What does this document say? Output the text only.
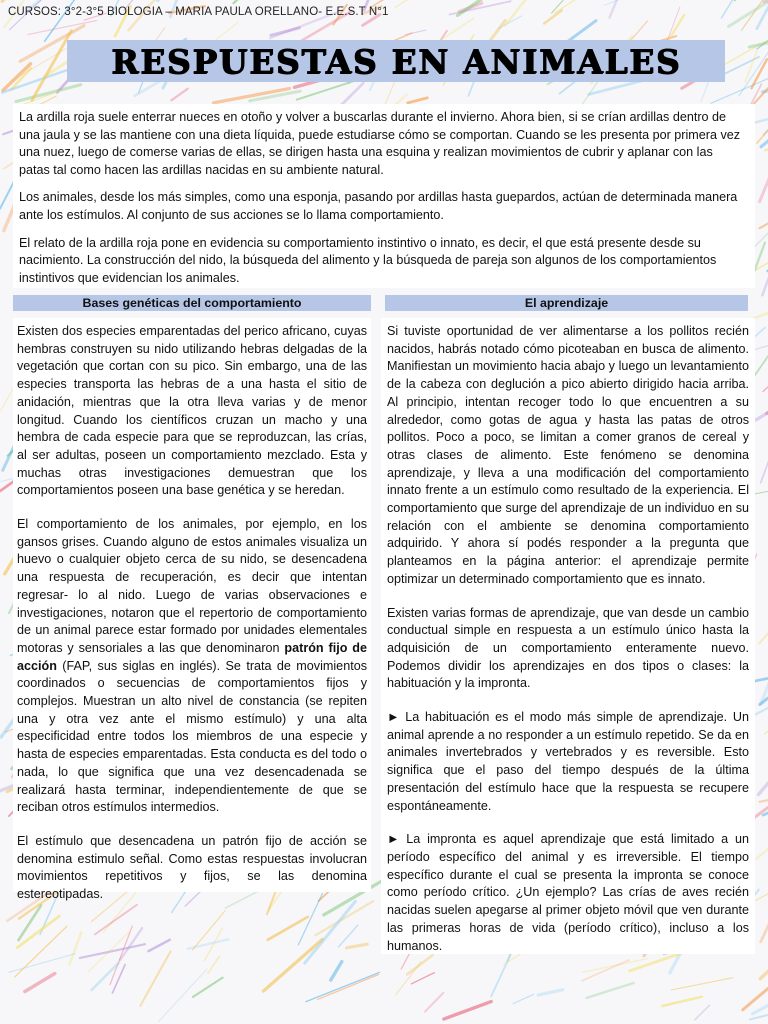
CURSOS: 3°2-3°5 BIOLOGIA – MARIA PAULA ORELLANO- E.E.S.T N°1
RESPUESTAS EN ANIMALES

La ardilla roja suele enterrar nueces en otoño y volver a buscarlas durante el invierno. Ahora bien, si se crían ardillas dentro de una jaula y se las mantiene con una dieta líquida, puede estudiarse cómo se comportan. Cuando se les presenta por primera vez una nuez, luego de comerse varias de ellas, se dirigen hasta una esquina y realizan movimientos de cubrir y aplanar con las patas tal como hacen las ardillas nacidas en su ambiente natural.

Los animales, desde los más simples, como una esponja, pasando por ardillas hasta guepardos, actúan de determinada manera ante los estímulos. Al conjunto de sus acciones se lo llama comportamiento.

El relato de la ardilla roja pone en evidencia su comportamiento instintivo o innato, es decir, el que está presente desde su nacimiento. La construcción del nido, la búsqueda del alimento y la búsqueda de pareja son algunos de los comportamientos instintivos que evidencian los animales.

Bases genéticas del comportamiento	El aprendizaje

Existen dos especies emparentadas del perico africano, cuyas hembras construyen su nido utilizando hebras delgadas de la vegetación que cortan con su pico. Sin embargo, una de las especies transporta las hebras de a una hasta el sitio de anidación, mientras que la otra lleva varias y de menor longitud. Cuando los científicos cruzan un macho y una hembra de cada especie para que se reproduzcan, las crías, al ser adultas, poseen un comportamiento mezclado. Esta y muchas otras investigaciones demuestran que los comportamientos poseen una base genética y se heredan.

El comportamiento de los animales, por ejemplo, en los gansos grises. Cuando alguno de estos animales visualiza un huevo o cualquier objeto cerca de su nido, se desencadena una respuesta de recuperación, es decir que intentan regresar- lo al nido. Luego de varias observaciones e investigaciones, notaron que el repertorio de comportamiento de un animal parece estar formado por unidades elementales motoras y sensoriales a las que denominaron patrón fijo de acción (FAP, sus siglas en inglés). Se trata de movimientos coordinados o secuencias de comportamientos fijos y complejos. Muestran un alto nivel de constancia (se repiten una y otra vez ante el mismo estímulo) y una alta especificidad entre todos los miembros de una especie y hasta de especies emparentadas. Esta conducta es del todo o nada, lo que significa que una vez desencadenada se realizará hasta terminar, independientemente de que se reciban otros estímulos intermedios.

El estímulo que desencadena un patrón fijo de acción se denomina estimulo señal. Como estas respuestas involucran movimientos repetitivos y fijos, se las denomina estereotipadas.

Si tuviste oportunidad de ver alimentarse a los pollitos recién nacidos, habrás notado cómo picoteaban en busca de alimento. Manifiestan un movimiento hacia abajo y luego un levantamiento de la cabeza con deglución a pico abierto dirigido hacia arriba. Al principio, intentan recoger todo lo que encuentren a su alrededor, como gotas de agua y hasta las patas de otros pollitos. Poco a poco, se limitan a comer granos de cereal y otras clases de alimento. Este fenómeno se denomina aprendizaje, y lleva a una modificación del comportamiento innato frente a un estímulo como resultado de la experiencia. El comportamiento que surge del aprendizaje de un individuo en su relación con el ambiente se denomina comportamiento adquirido. Y ahora sí podés responder a la pregunta que planteamos en la página anterior: el aprendizaje permite optimizar un determinado comportamiento que es innato.

Existen varias formas de aprendizaje, que van desde un cambio conductual simple en respuesta a un estímulo único hasta la adquisición de un comportamiento enteramente nuevo. Podemos dividir los aprendizajes en dos tipos o clases: la habituación y la impronta.

► La habituación es el modo más simple de aprendizaje. Un animal aprende a no responder a un estímulo repetido. Se da en animales invertebrados y vertebrados y es reversible. Esto significa que el paso del tiempo después de la última presentación del estímulo hace que la respuesta se recupere espontáneamente.

► La impronta es aquel aprendizaje que está limitado a un período específico del animal y es irreversible. El tiempo específico durante el cual se presenta la impronta se conoce como período crítico. ¿Un ejemplo? Las crías de aves recién nacidas suelen apegarse al primer objeto móvil que ven durante las primeras horas de vida (período crítico), incluso a los humanos.
